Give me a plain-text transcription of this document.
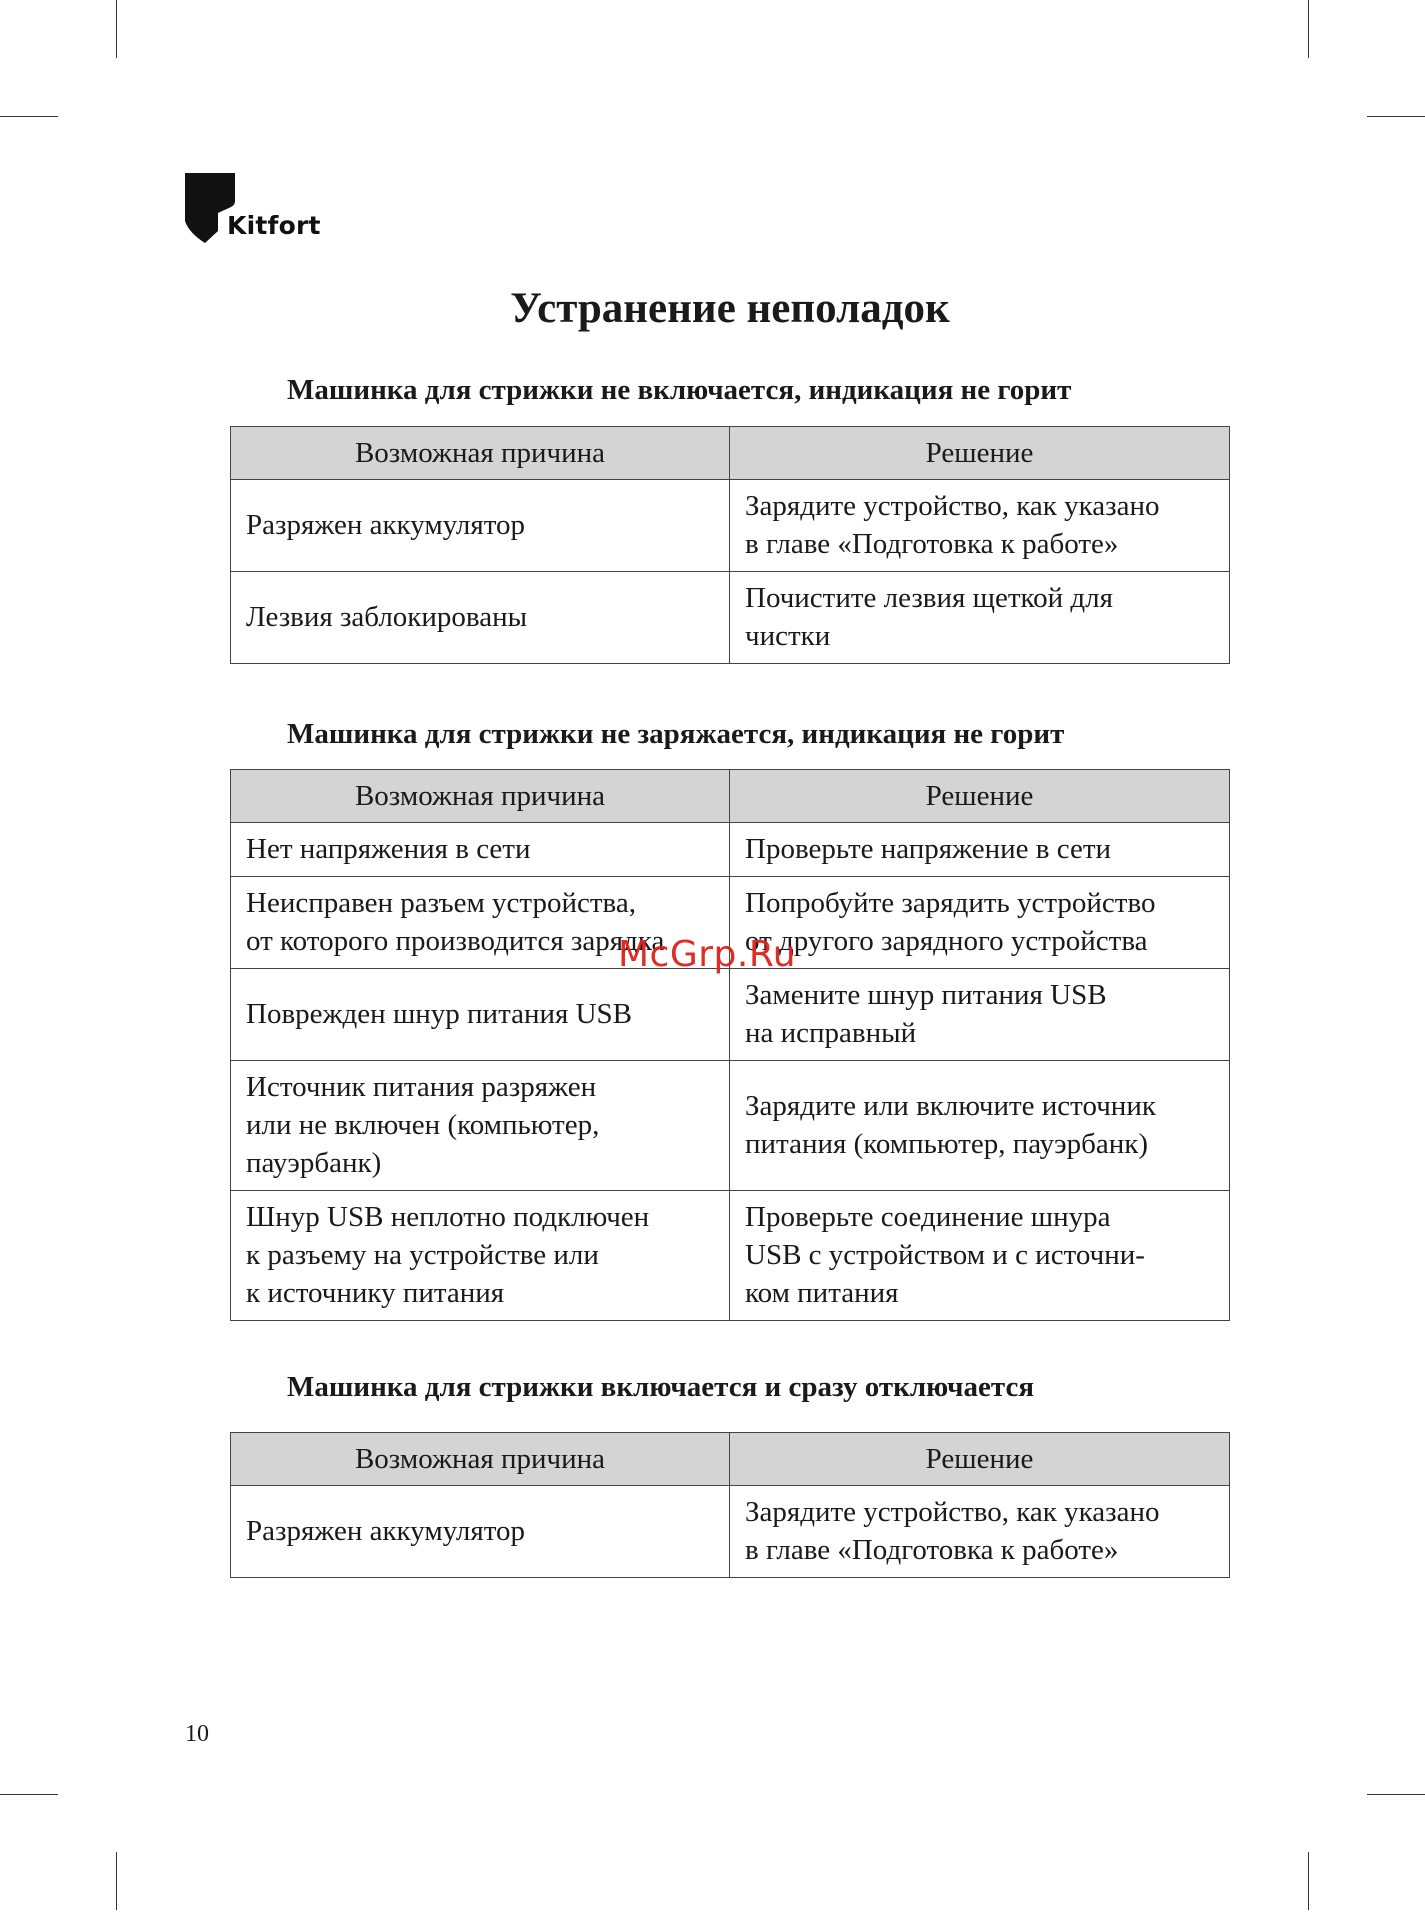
Kitfort
Устранение неполадок
Машинка для стрижки не включается, индикация не горит
Возможная причина	Решение
Разряжен аккумулятор	Зарядите устройство, как указано
в главе «Подготовка к работе»
Лезвия заблокированы	Почистите лезвия щеткой для
чистки
Машинка для стрижки не заряжается, индикация не горит
Возможная причина	Решение
Нет напряжения в сети	Проверьте напряжение в сети
Неисправен разъем устройства,
от которого производится зарядка	Попробуйте зарядить устройство
от другого зарядного устройства
Поврежден шнур питания USB	Замените шнур питания USB
на исправный
Источник питания разряжен
или не включен (компьютер,
пауэрбанк)	Зарядите или включите источник
питания (компьютер, пауэрбанк)
Шнур USB неплотно подключен
к разъему на устройстве или
к источнику питания	Проверьте соединение шнура
USB с устройством и с источни-
ком питания
Машинка для стрижки включается и сразу отключается
Возможная причина	Решение
Разряжен аккумулятор	Зарядите устройство, как указано
в главе «Подготовка к работе»
McGrp.Ru
10
